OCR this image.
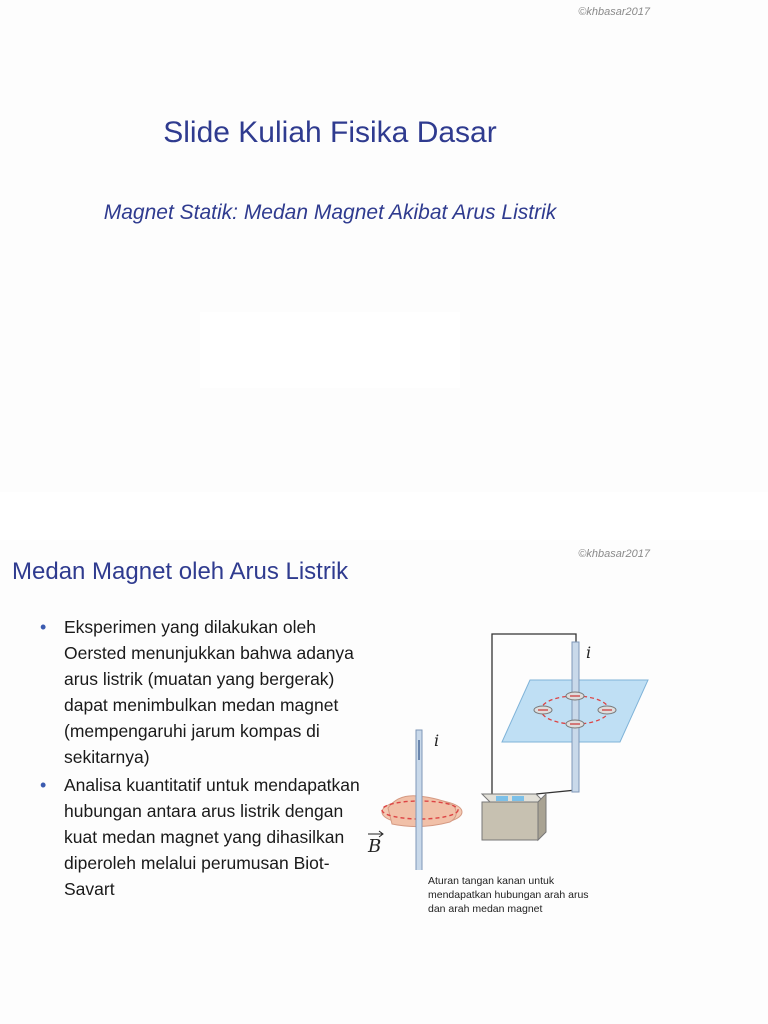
©khbasar2017
Slide Kuliah Fisika Dasar
Magnet Statik: Medan Magnet Akibat Arus Listrik
©khbasar2017
Medan Magnet oleh Arus Listrik
• Eksperimen yang dilakukan oleh Oersted menunjukkan bahwa adanya arus listrik (muatan yang bergerak) dapat menimbulkan medan magnet (mempengaruhi jarum kompas di sekitarnya)
• Analisa kuantitatif untuk mendapatkan hubungan antara arus listrik dengan kuat medan magnet yang dihasilkan diperoleh melalui perumusan Biot-Savart
i
B
i
Aturan tangan kanan untuk mendapatkan hubungan arah arus dan arah medan magnet
